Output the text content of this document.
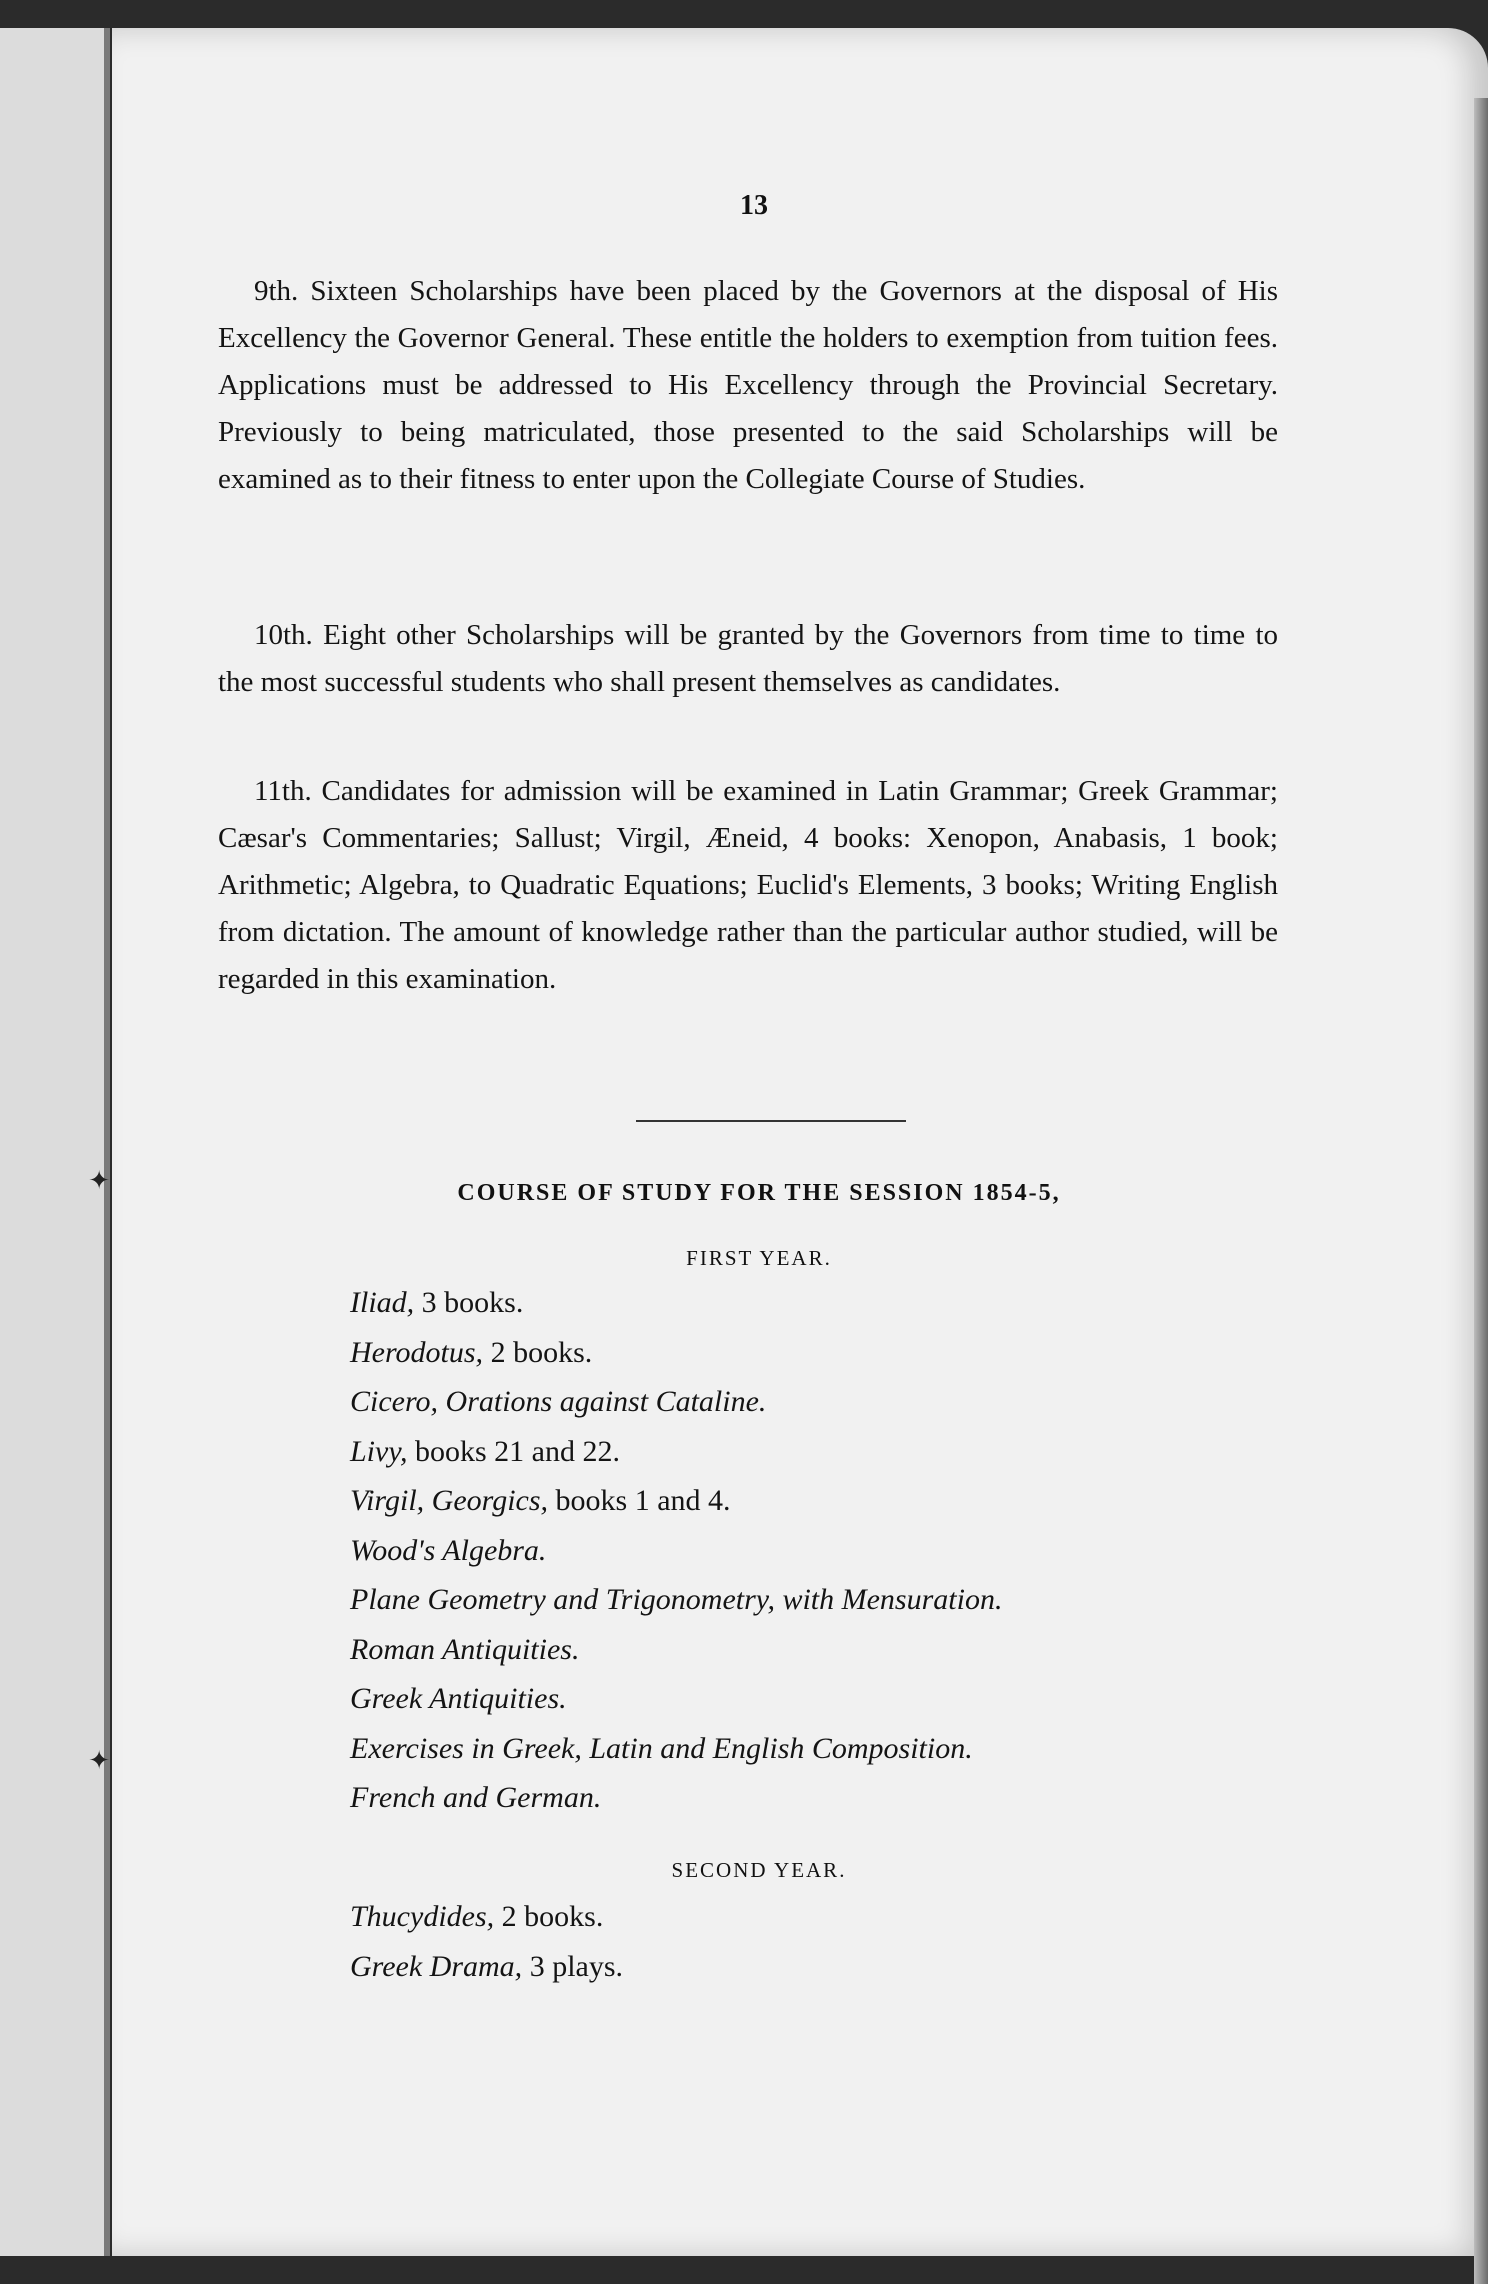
✦
✦
13

9th. Sixteen Scholarships have been placed by the Governors at the disposal of His Excellency the Governor General. These entitle the holders to exemption from tuition fees. Applications must be addressed to His Excellency through the Provincial Secretary. Previously to being matriculated, those presented to the said Scholarships will be examined as to their fitness to enter upon the Collegiate Course of Studies.

10th. Eight other Scholarships will be granted by the Governors from time to time to the most successful students who shall present themselves as candidates.

11th. Candidates for admission will be examined in Latin Grammar; Greek Grammar; Cæsar's Commentaries; Sallust; Virgil, Æneid, 4 books: Xenopon, Anabasis, 1 book; Arithmetic; Algebra, to Quadratic Equations; Euclid's Elements, 3 books; Writing English from dictation. The amount of knowledge rather than the particular author studied, will be regarded in this examination.

COURSE OF STUDY FOR THE SESSION 1854-5,
FIRST YEAR.
Iliad, 3 books.
Herodotus, 2 books.
Cicero, Orations against Cataline.
Livy, books 21 and 22.
Virgil, Georgics, books 1 and 4.
Wood's Algebra.
Plane Geometry and Trigonometry, with Mensuration.
Roman Antiquities.
Greek Antiquities.
Exercises in Greek, Latin and English Composition.
French and German.
SECOND YEAR.
Thucydides, 2 books.
Greek Drama, 3 plays.
